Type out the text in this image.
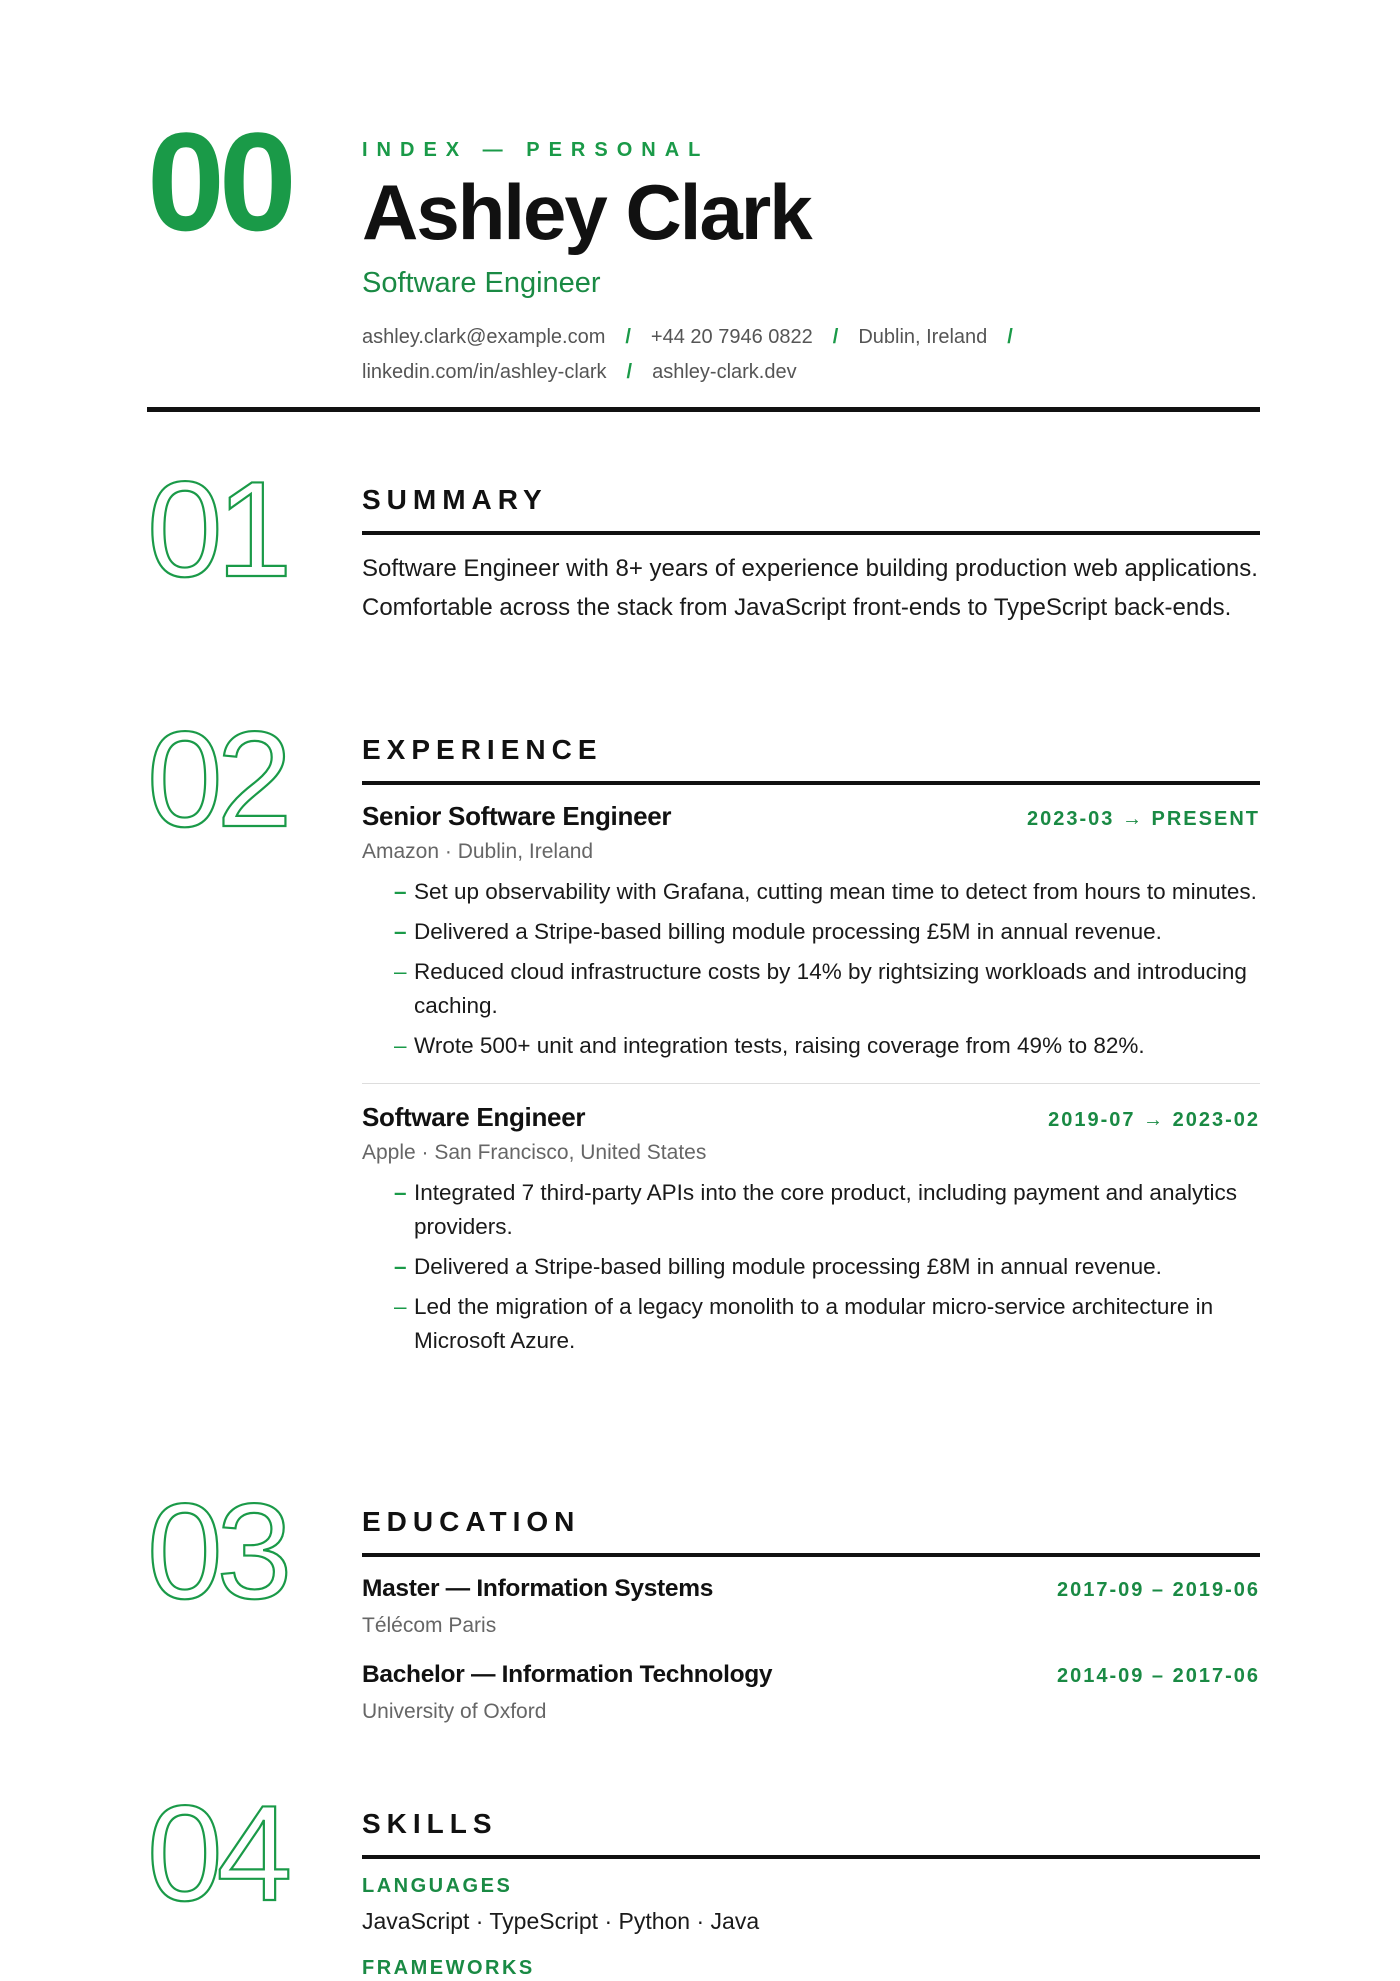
00	INDEX — PERSONAL
Ashley Clark
Software Engineer
ashley.clark@example.com / +44 20 7946 0822 / Dublin, Ireland /
linkedin.com/in/ashley-clark / ashley-clark.dev
01	SUMMARY

Software Engineer with 8+ years of experience building production web applications. Comfortable across the stack from JavaScript front-ends to TypeScript back-ends.

02	EXPERIENCE
Senior Software Engineer	2023-03 → PRESENT
Amazon · Dublin, Ireland
– Set up observability with Grafana, cutting mean time to detect from hours to minutes.
– Delivered a Stripe-based billing module processing £5M in annual revenue.
– Reduced cloud infrastructure costs by 14% by rightsizing workloads and introducing caching.
– Wrote 500+ unit and integration tests, raising coverage from 49% to 82%.
Software Engineer	2019-07 → 2023-02
Apple · San Francisco, United States
– Integrated 7 third-party APIs into the core product, including payment and analytics providers.
– Delivered a Stripe-based billing module processing £8M in annual revenue.
– Led the migration of a legacy monolith to a modular micro-service architecture in Microsoft Azure.
03	EDUCATION
Master — Information Systems	2017-09 – 2019-06
Télécom Paris
Bachelor — Information Technology	2014-09 – 2017-06
University of Oxford
04	SKILLS
LANGUAGES
JavaScript · TypeScript · Python · Java
FRAMEWORKS
